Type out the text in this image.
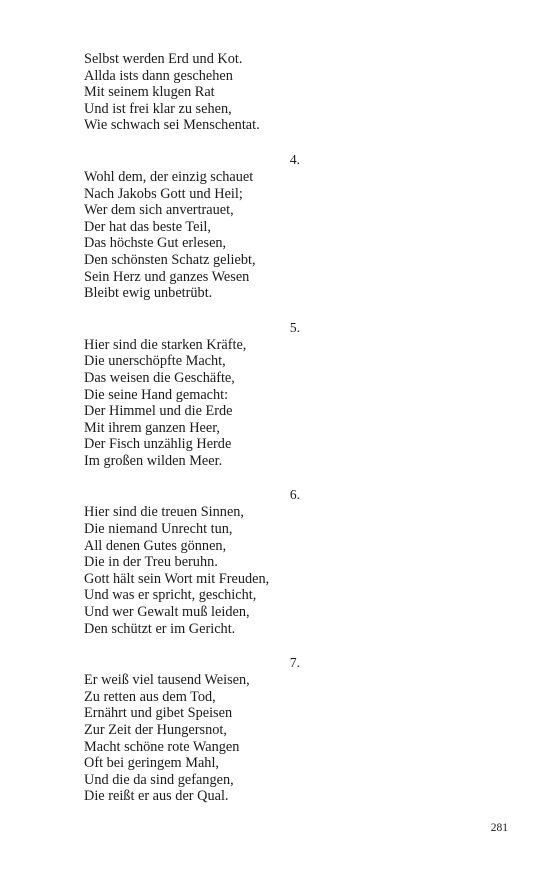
Selbst werden Erd und Kot.
Allda ists dann geschehen
Mit seinem klugen Rat
Und ist frei klar zu sehen,
Wie schwach sei Menschentat.
4.
Wohl dem, der einzig schauet
Nach Jakobs Gott und Heil;
Wer dem sich anvertrauet,
Der hat das beste Teil,
Das höchste Gut erlesen,
Den schönsten Schatz geliebt,
Sein Herz und ganzes Wesen
Bleibt ewig unbetrübt.
5.
Hier sind die starken Kräfte,
Die unerschöpfte Macht,
Das weisen die Geschäfte,
Die seine Hand gemacht:
Der Himmel und die Erde
Mit ihrem ganzen Heer,
Der Fisch unzählig Herde
Im großen wilden Meer.
6.
Hier sind die treuen Sinnen,
Die niemand Unrecht tun,
All denen Gutes gönnen,
Die in der Treu beruhn.
Gott hält sein Wort mit Freuden,
Und was er spricht, geschicht,
Und wer Gewalt muß leiden,
Den schützt er im Gericht.
7.
Er weiß viel tausend Weisen,
Zu retten aus dem Tod,
Ernährt und gibet Speisen
Zur Zeit der Hungersnot,
Macht schöne rote Wangen
Oft bei geringem Mahl,
Und die da sind gefangen,
Die reißt er aus der Qual.
281
